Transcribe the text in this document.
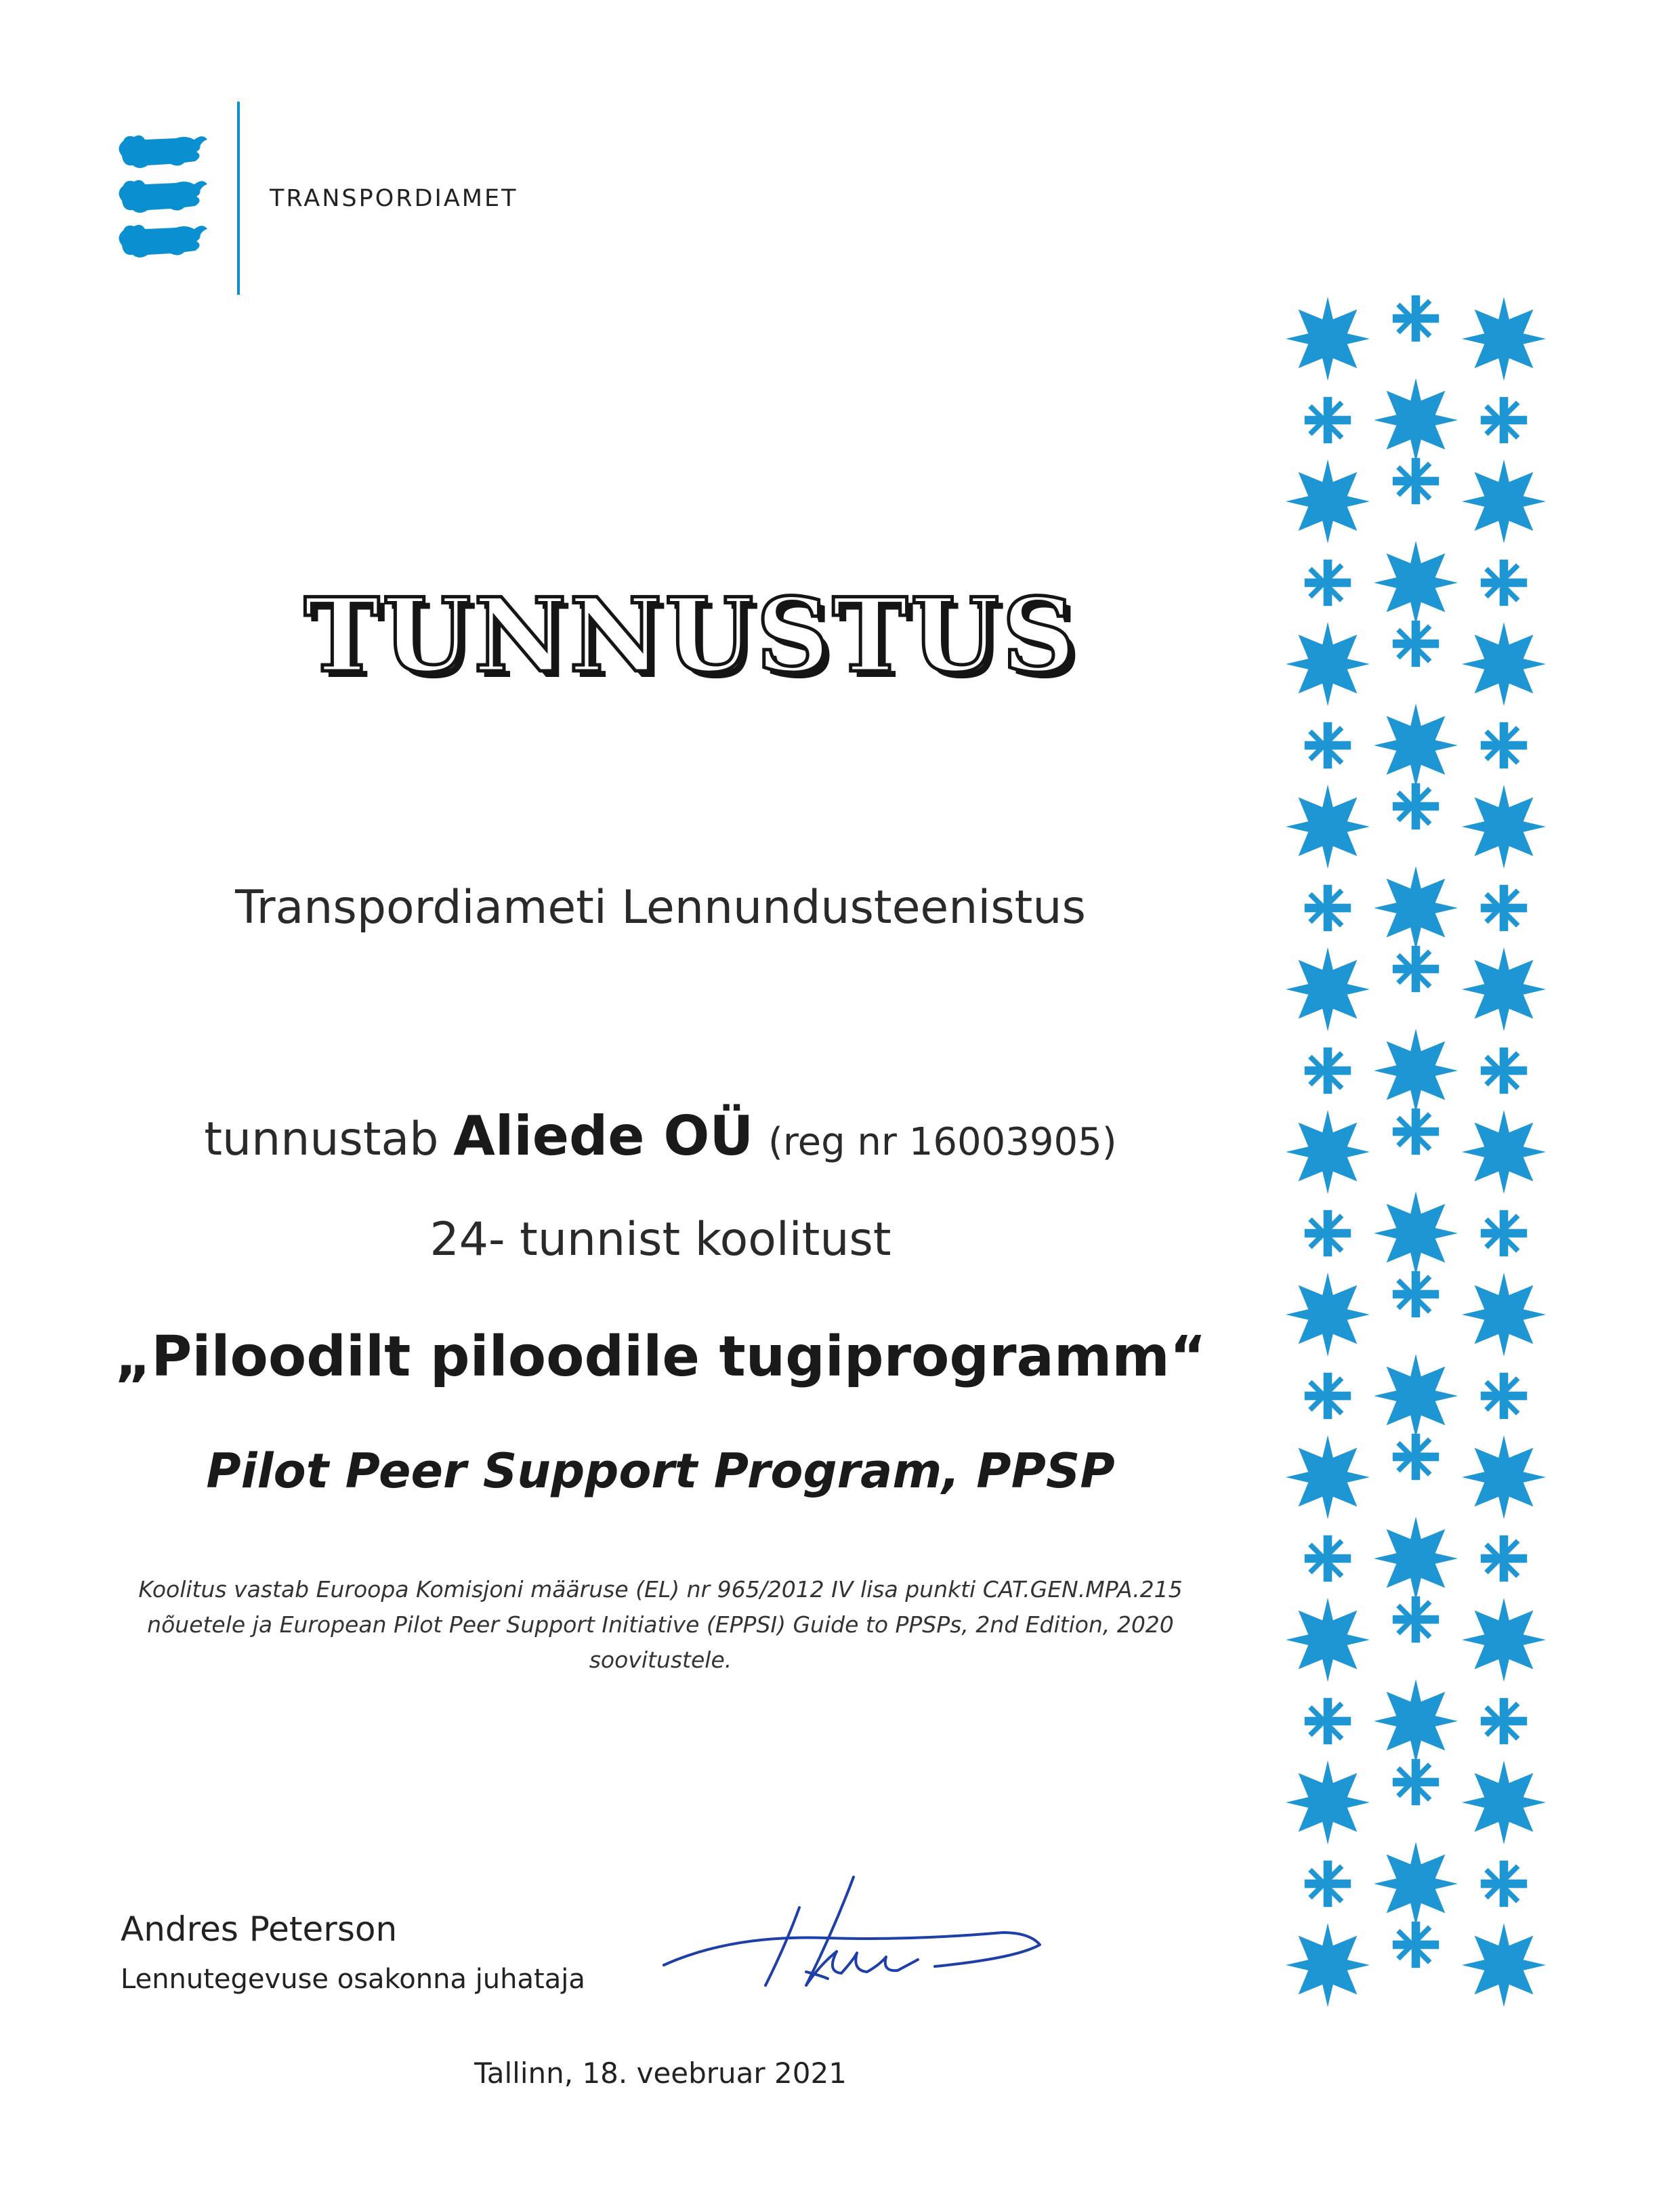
TRANSPORDIAMET
TUNNUSTUS
Transpordiameti Lennundusteenistus
tunnustab Aliede OÜ (reg nr 16003905)
24- tunnist koolitust
„Piloodilt piloodile tugiprogramm“
Pilot Peer Support Program, PPSP
Koolitus vastab Euroopa Komisjoni määruse (EL) nr 965/2012 IV lisa punkti CAT.GEN.MPA.215
nõuetele ja European Pilot Peer Support Initiative (EPPSI) Guide to PPSPs, 2nd Edition, 2020
soovitustele.
Andres Peterson
Lennutegevuse osakonna juhataja
Tallinn, 18. veebruar 2021
